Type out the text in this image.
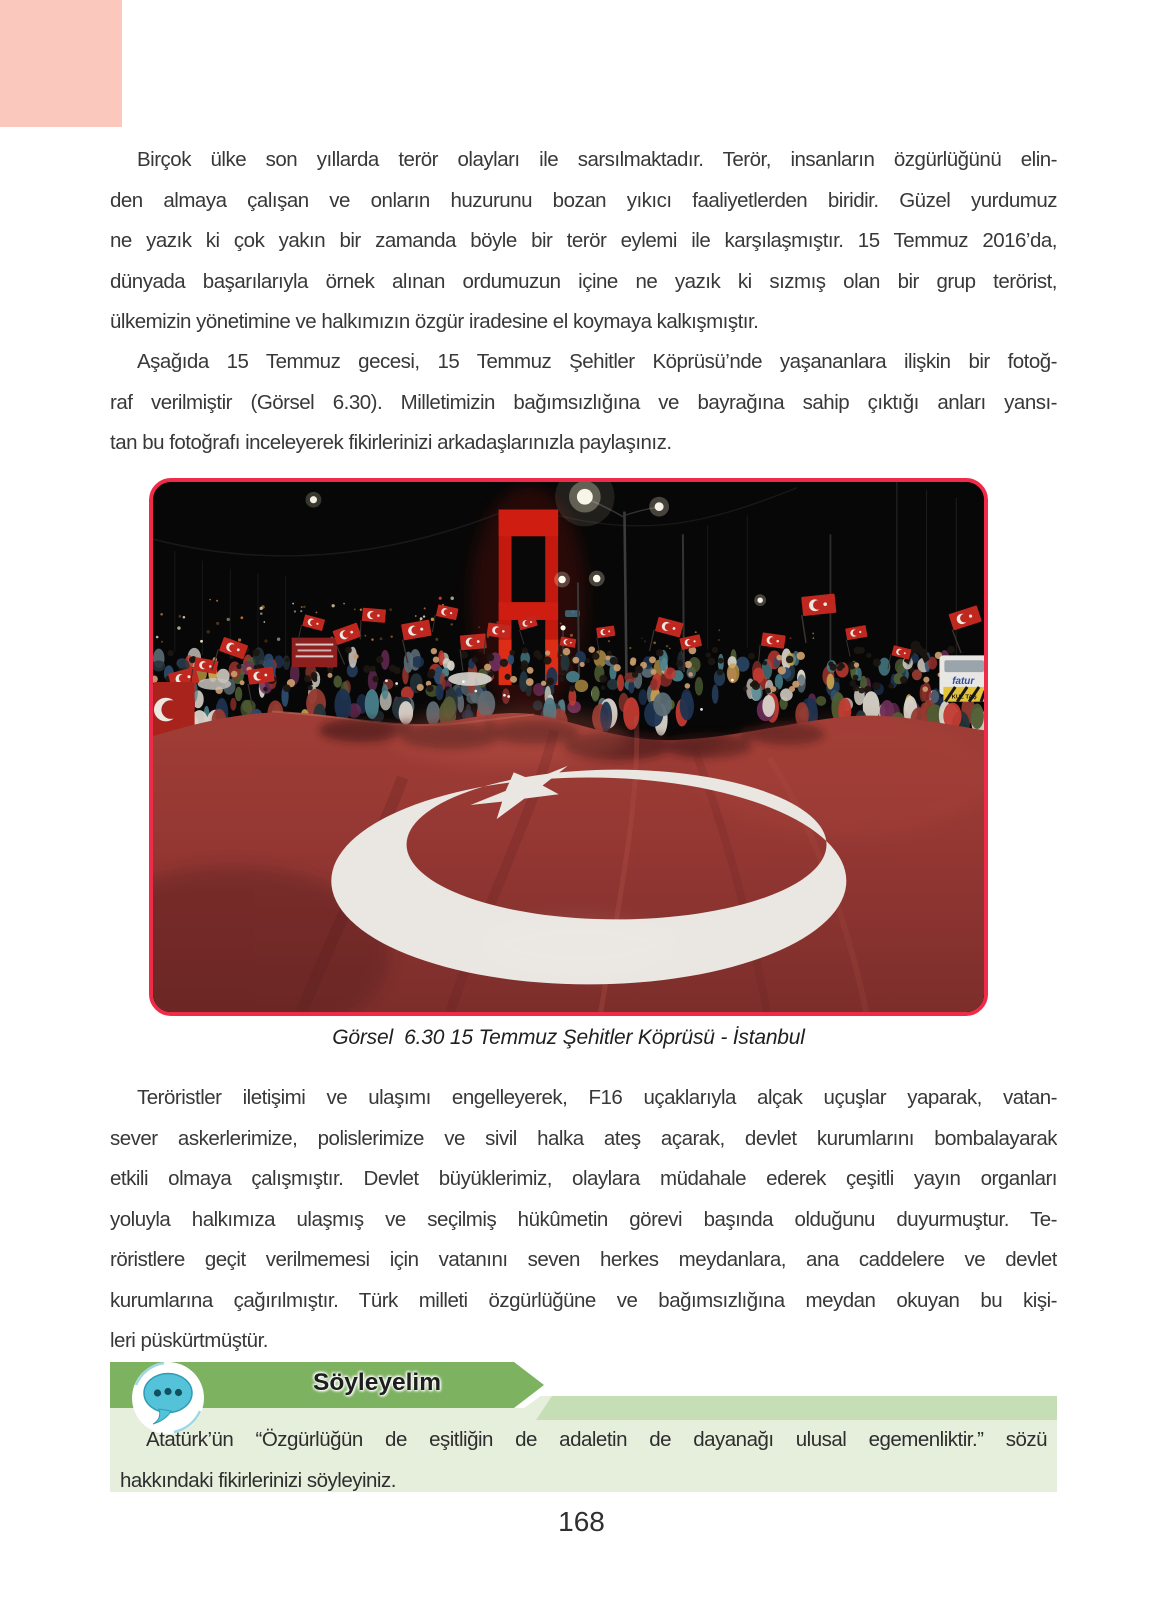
Birçok ülke son yıllarda terör olayları ile sarsılmaktadır. Terör, insanların özgürlüğünü elin-
den almaya çalışan ve onların huzurunu bozan yıkıcı faaliyetlerden biridir. Güzel yurdumuz
ne yazık ki çok yakın bir zamanda böyle bir terör eylemi ile karşılaşmıştır. 15 Temmuz 2016’da,
dünyada başarılarıyla örnek alınan ordumuzun içine ne yazık ki sızmış olan bir grup terörist,
ülkemizin yönetimine ve halkımızın özgür iradesine el koymaya kalkışmıştır.
Aşağıda 15 Temmuz gecesi, 15 Temmuz Şehitler Köprüsü’nde yaşananlara ilişkin bir fotoğ-
raf verilmiştir (Görsel 6.30). Milletimizin bağımsızlığına ve bayrağına sahip çıktığı anları yansı-
tan bu fotoğrafı inceleyerek fikirlerinizi arkadaşlarınızla paylaşınız.
fatur
KUL TAŞ
Görsel  6.30 15 Temmuz Şehitler Köprüsü - İstanbul
Teröristler iletişimi ve ulaşımı engelleyerek, F16 uçaklarıyla alçak uçuşlar yaparak, vatan-
sever askerlerimize, polislerimize ve sivil halka ateş açarak, devlet kurumlarını bombalayarak
etkili olmaya çalışmıştır. Devlet büyüklerimiz, olaylara müdahale ederek çeşitli yayın organları
yoluyla halkımıza ulaşmış ve seçilmiş hükûmetin görevi başında olduğunu duyurmuştur. Te-
röristlere geçit verilmemesi için vatanını seven herkes meydanlara, ana caddelere ve devlet
kurumlarına çağırılmıştır. Türk milleti özgürlüğüne ve bağımsızlığına meydan okuyan bu kişi-
leri püskürtmüştür.
Söyleyelim
Atatürk’ün “Özgürlüğün de eşitliğin de adaletin de dayanağı ulusal egemenliktir.” sözü
hakkındaki fikirlerinizi söyleyiniz.
168
